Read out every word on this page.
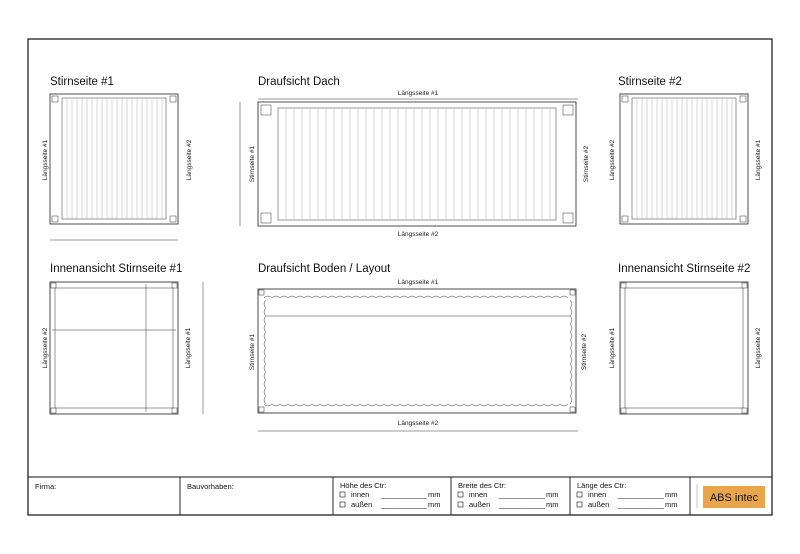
Stirnseite #1
Längsseite #1	Längsseite #2
Draufsicht Dach
Längsseite #1
Längsseite #2
Stirnseite #1	Stirnseite #2
Stirnseite #2
Längsseite #2	Längsseite #1
Innenansicht Stirnseite #1
Längsseite #2	Längsseite #1
Draufsicht Boden / Layout
Längsseite #1
Längsseite #2
Stirnseite #1	Stirnseite #2
Innenansicht Stirnseite #2
Längsseite #1	Längsseite #2
Firma:	Bauvorhaben:	Höhe des Ctr:
innen ___________ mm
außen ___________ mm
Breite des Ctr:
innen ___________ mm
außen ___________ mm
Länge des Ctr:
innen ___________ mm
außen ___________ mm
ABS intec
